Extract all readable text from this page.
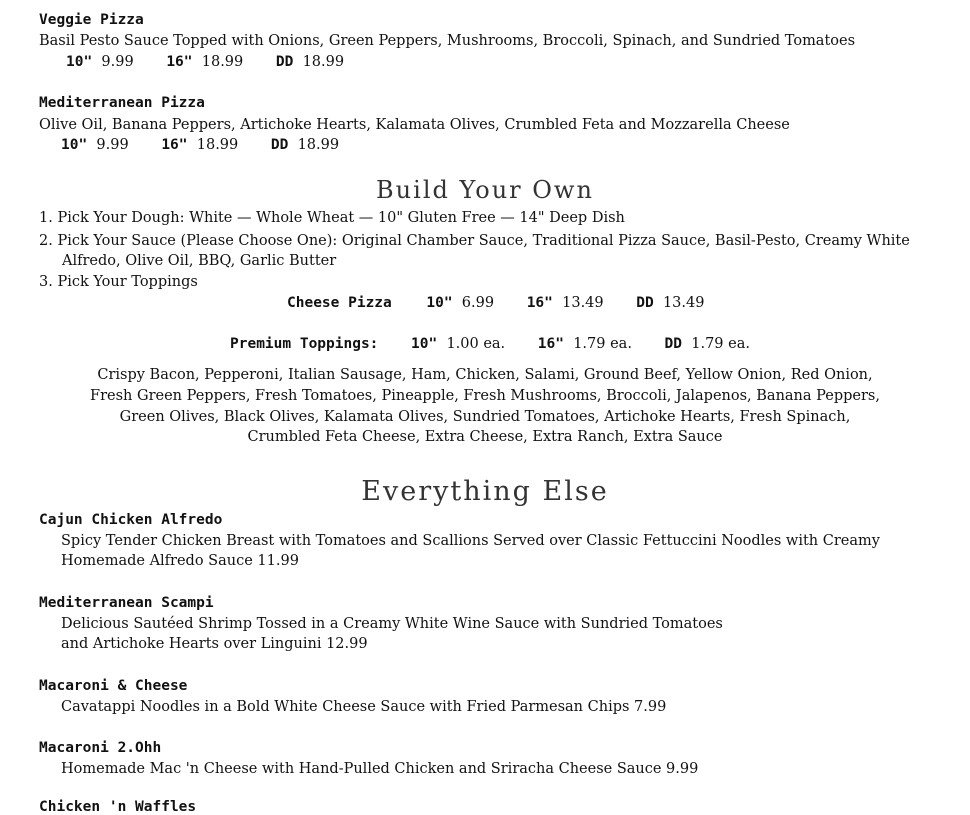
Veggie Pizza
Basil Pesto Sauce Topped with Onions, Green Peppers, Mushrooms, Broccoli, Spinach, and Sundried Tomatoes
10" 9.99 16" 18.99 DD 18.99
Mediterranean Pizza
Olive Oil, Banana Peppers, Artichoke Hearts, Kalamata Olives, Crumbled Feta and Mozzarella Cheese
10" 9.99 16" 18.99 DD 18.99
Build Your Own
1. Pick Your Dough: White — Whole Wheat — 10" Gluten Free — 14" Deep Dish
2. Pick Your Sauce (Please Choose One): Original Chamber Sauce, Traditional Pizza Sauce, Basil-Pesto, Creamy White
Alfredo, Olive Oil, BBQ, Garlic Butter
3. Pick Your Toppings
Cheese Pizza 10" 6.99 16" 13.49 DD 13.49
Premium Toppings: 10" 1.00 ea. 16" 1.79 ea. DD 1.79 ea.
Crispy Bacon, Pepperoni, Italian Sausage, Ham, Chicken, Salami, Ground Beef, Yellow Onion, Red Onion,
Fresh Green Peppers, Fresh Tomatoes, Pineapple, Fresh Mushrooms, Broccoli, Jalapenos, Banana Peppers,
Green Olives, Black Olives, Kalamata Olives, Sundried Tomatoes, Artichoke Hearts, Fresh Spinach,
Crumbled Feta Cheese, Extra Cheese, Extra Ranch, Extra Sauce
Everything Else
Cajun Chicken Alfredo
Spicy Tender Chicken Breast with Tomatoes and Scallions Served over Classic Fettuccini Noodles with Creamy
Homemade Alfredo Sauce 11.99
Mediterranean Scampi
Delicious Sautéed Shrimp Tossed in a Creamy White Wine Sauce with Sundried Tomatoes
and Artichoke Hearts over Linguini 12.99
Macaroni & Cheese
Cavatappi Noodles in a Bold White Cheese Sauce with Fried Parmesan Chips 7.99
Macaroni 2.Ohh
Homemade Mac 'n Cheese with Hand-Pulled Chicken and Sriracha Cheese Sauce 9.99
Chicken 'n Waffles
